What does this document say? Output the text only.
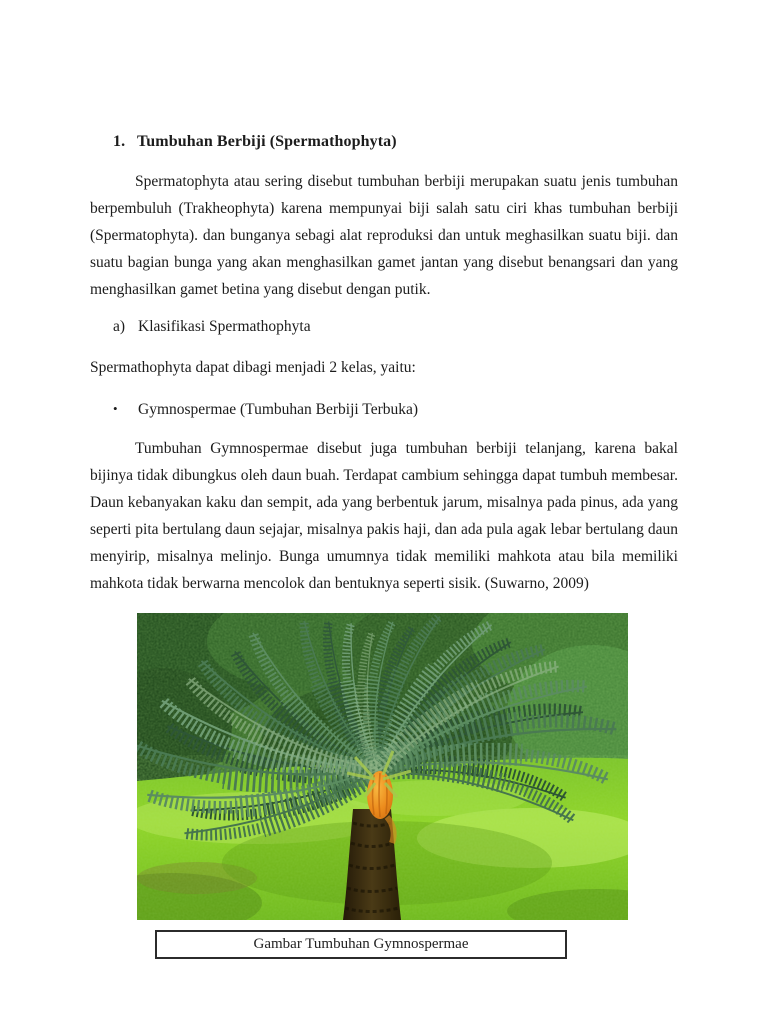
1. Tumbuhan Berbiji (Spermathophyta)

Spermatophyta atau sering disebut tumbuhan berbiji merupakan suatu jenis tumbuhan berpembuluh (Trakheophyta) karena mempunyai biji salah satu ciri khas tumbuhan berbiji (Spermatophyta). dan bunganya sebagi alat reproduksi dan untuk meghasilkan suatu biji. dan suatu bagian bunga yang akan menghasilkan gamet jantan yang disebut benangsari dan yang menghasilkan gamet betina yang disebut dengan putik.

a) Klasifikasi Spermathophyta
Spermathophyta dapat dibagi menjadi 2 kelas, yaitu:
• Gymnospermae (Tumbuhan Berbiji Terbuka)

Tumbuhan Gymnospermae disebut juga tumbuhan berbiji telanjang, karena bakal bijinya tidak dibungkus oleh daun buah. Terdapat cambium sehingga dapat tumbuh membesar. Daun kebanyakan kaku dan sempit, ada yang berbentuk jarum, misalnya pada pinus, ada yang seperti pita bertulang daun sejajar, misalnya pakis haji, dan ada pula agak lebar bertulang daun menyirip, misalnya melinjo. Bunga umumnya tidak memiliki mahkota atau bila memiliki mahkota tidak berwarna mencolok dan bentuknya seperti sisik. (Suwarno, 2009)

Gambar Tumbuhan Gymnospermae
